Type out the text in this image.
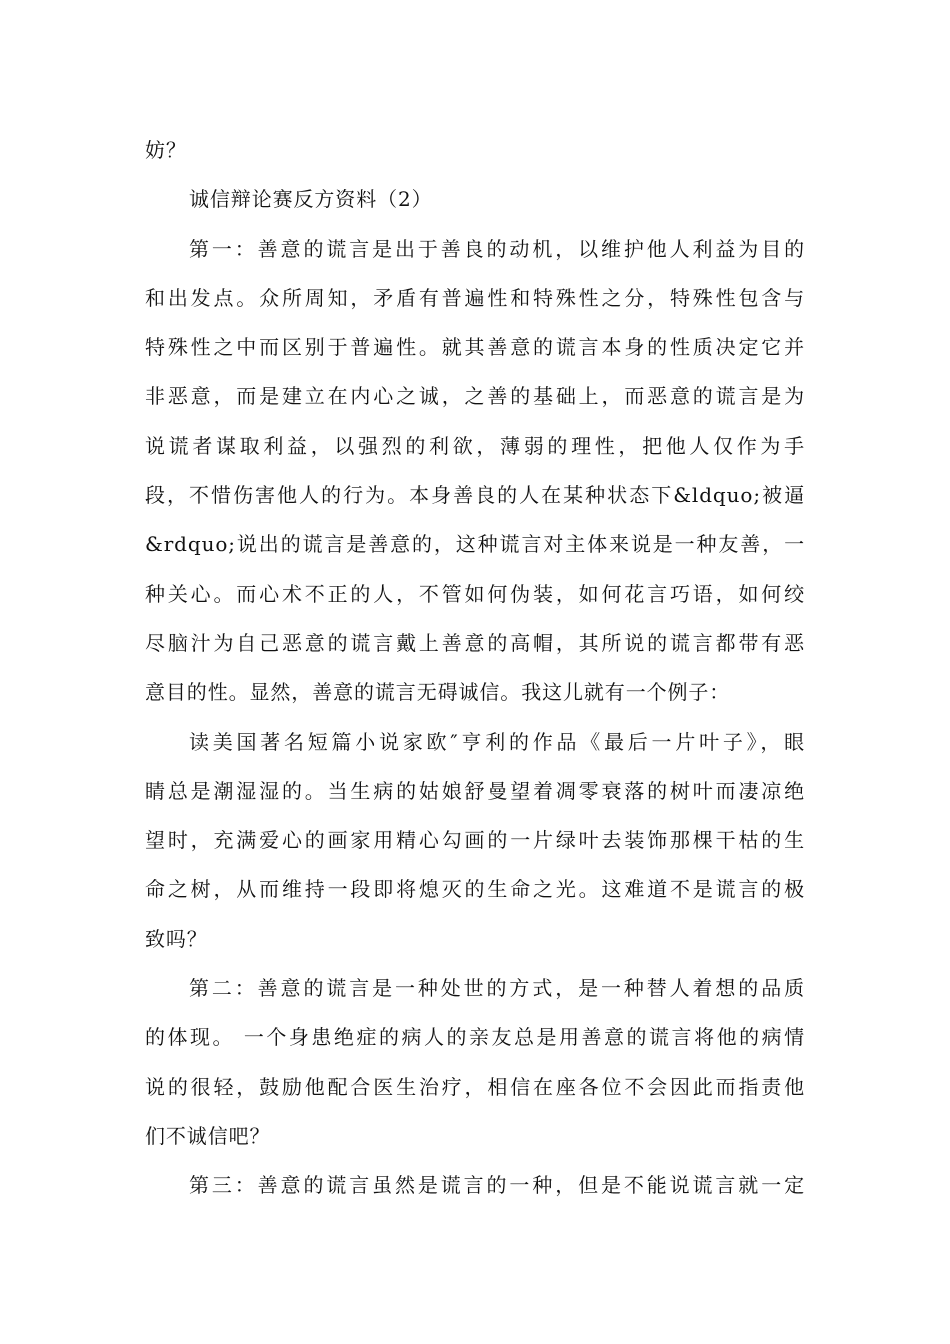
妨？
诚信辩论赛反方资料（2）
第一：善意的谎言是出于善良的动机，以维护他人利益为目的
和出发点。众所周知，矛盾有普遍性和特殊性之分，特殊性包含与
特殊性之中而区别于普遍性。就其善意的谎言本身的性质决定它并
非恶意，而是建立在内心之诚，之善的基础上，而恶意的谎言是为
说谎者谋取利益，以强烈的利欲，薄弱的理性，把他人仅作为手
段，不惜伤害他人的行为。本身善良的人在某种状态下&ldquo;被逼
&rdquo;说出的谎言是善意的，这种谎言对主体来说是一种友善，一
种关心。而心术不正的人，不管如何伪装，如何花言巧语，如何绞
尽脑汁为自己恶意的谎言戴上善意的高帽，其所说的谎言都带有恶
意目的性。显然，善意的谎言无碍诚信。我这儿就有一个例子：
读美国著名短篇小说家欧″亨利的作品《最后一片叶子》，眼
睛总是潮湿湿的。当生病的姑娘舒曼望着凋零衰落的树叶而凄凉绝
望时，充满爱心的画家用精心勾画的一片绿叶去装饰那棵干枯的生
命之树，从而维持一段即将熄灭的生命之光。这难道不是谎言的极
致吗？
第二：善意的谎言是一种处世的方式，是一种替人着想的品质
的体现。 一个身患绝症的病人的亲友总是用善意的谎言将他的病情
说的很轻，鼓励他配合医生治疗，相信在座各位不会因此而指责他
们不诚信吧？
第三：善意的谎言虽然是谎言的一种，但是不能说谎言就一定
